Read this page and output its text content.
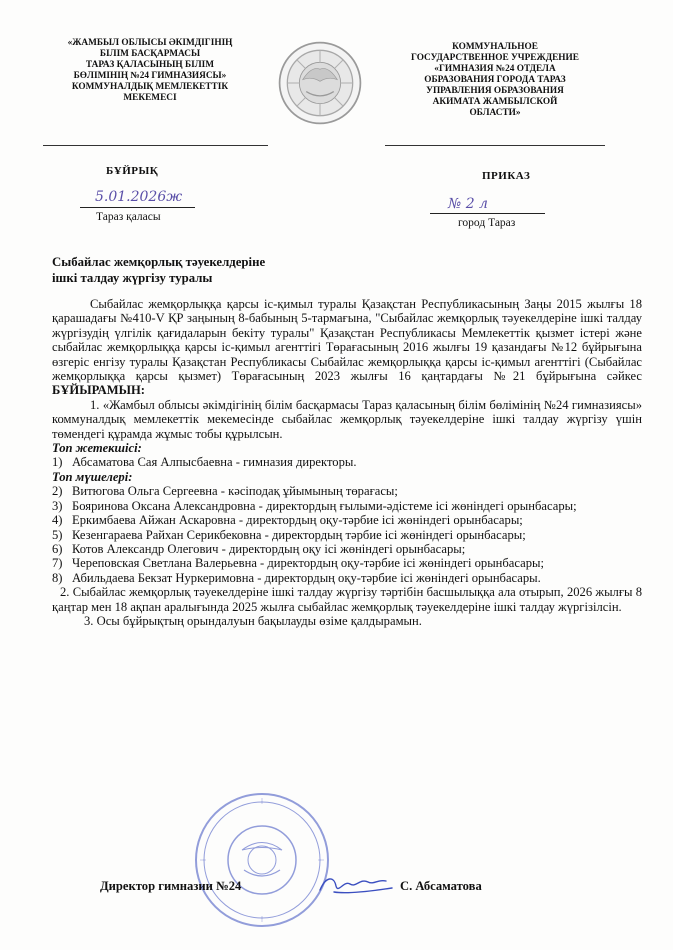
«ЖАМБЫЛ ОБЛЫСЫ ӘКІМДІГІНІҢ
БІЛІМ БАСҚАРМАСЫ
ТАРАЗ ҚАЛАСЫНЫҢ БІЛІМ
БӨЛІМІНІҢ №24 ГИМНАЗИЯСЫ»
КОММУНАЛДЫҚ МЕМЛЕКЕТТІК
МЕКЕМЕСІ
КОММУНАЛЬНОЕ
ГОСУДАРСТВЕННОЕ УЧРЕЖДЕНИЕ
«ГИМНАЗИЯ №24 ОТДЕЛА
ОБРАЗОВАНИЯ ГОРОДА ТАРАЗ
УПРАВЛЕНИЯ ОБРАЗОВАНИЯ
АКИМАТА ЖАМБЫЛСКОЙ
ОБЛАСТИ»
БҰЙРЫҚ	ПРИКАЗ
5.01.2026ж
Тараз қаласы
№ 2 л
город Тараз
Сыбайлас жемқорлық тәуекелдеріне
ішкі талдау жүргізу туралы

Сыбайлас жемқорлыққа қарсы іс-қимыл туралы Қазақстан Республикасының Заңы 2015 жылғы 18 қарашадағы №410-V ҚР заңының 8-бабының 5-тармағына, "Сыбайлас жемқорлық тәуекелдеріне ішкі талдау жүргізудің үлгілік қағидаларын бекіту туралы" Қазақстан Республикасы Мемлекеттік қызмет істері және сыбайлас жемқорлыққа қарсы іс-қимыл агенттігі Төрағасының 2016 жылғы 19 қазандағы №12 бұйрығына өзгеріс енгізу туралы Қазақстан Республикасы Сыбайлас жемқорлыққа қарсы іс-қимыл агенттігі (Сыбайлас жемқорлыққа қарсы қызмет) Төрағасының 2023 жылғы 16 қаңтардағы №21 бұйрығына сәйкес БҰЙЫРАМЫН:

1. «Жамбыл облысы әкімдігінің білім басқармасы Тараз қаласының білім бөлімінің №24 гимназиясы» коммуналдық мемлекеттік мекемесінде сыбайлас жемқорлық тәуекелдеріне ішкі талдау жүргізу үшін төмендегі құрамда жұмыс тобы құрылсын.

Топ жетекшісі:

1) Абсаматова Сая Алпысбаевна - гимназия директоры.

Топ мүшелері:

2) Витюгова Ольга Сергеевна - кәсіподақ ұйымының төрағасы;
3) Бояринова Оксана Александровна - директордың ғылыми-әдістеме ісі жөніндегі орынбасары;
4) Еркимбаева Айжан Аскаровна - директордың оқу-тәрбие ісі жөніндегі орынбасары;
5) Кезенгараева Райхан Серикбековна - директордың тәрбие ісі жөніндегі орынбасары;
6) Котов Александр Олегович - директордың оқу ісі жөніндегі орынбасары;
7) Череповская Светлана Валерьевна - директордың оқу-тәрбие ісі жөніндегі орынбасары;
8) Абильдаева Бекзат Нуркеримовна - директордың оқу-тәрбие ісі жөніндегі орынбасары.

2. Сыбайлас жемқорлық тәуекелдеріне ішкі талдау жүргізу тәртібін басшылыққа ала отырып, 2026 жылғы 8 қаңтар мен 18 ақпан аралығында 2025 жылға сыбайлас жемқорлық тәуекелдеріне ішкі талдау жүргізілсін.

3. Осы бұйрықтың орындалуын бақылауды өзіме қалдырамын.

Директор гимназии №24	С. Абсаматова
